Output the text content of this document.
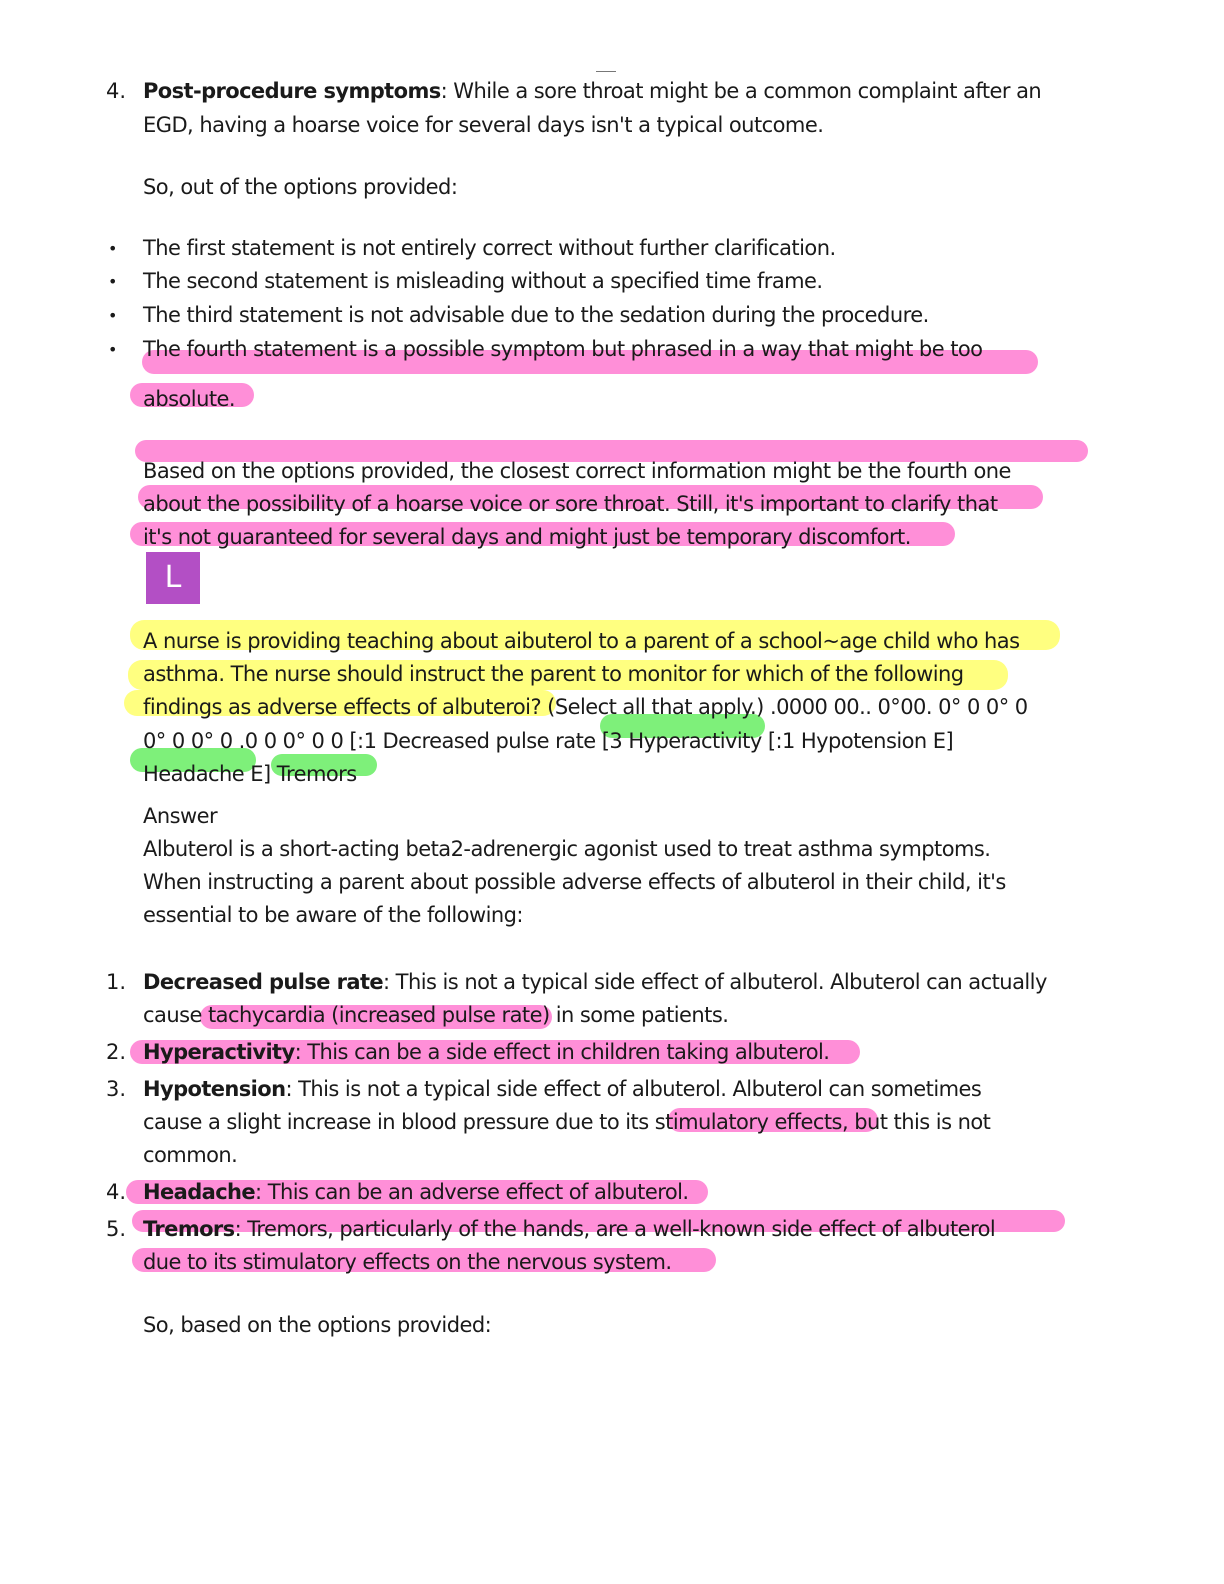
4. Post-procedure symptoms: While a sore throat might be a common complaint after an
EGD, having a hoarse voice for several days isn't a typical outcome.
So, out of the options provided:
• The first statement is not entirely correct without further clarification.
• The second statement is misleading without a specified time frame.
• The third statement is not advisable due to the sedation during the procedure.
• The fourth statement is a possible symptom but phrased in a way that might be too
absolute.
Based on the options provided, the closest correct information might be the fourth one
about the possibility of a hoarse voice or sore throat. Still, it's important to clarify that
it's not guaranteed for several days and might just be temporary discomfort.
L
A nurse is providing teaching about aibuterol to a parent of a school~age child who has
asthma. The nurse should instruct the parent to monitor for which of the following
findings as adverse effects of albuteroi? (Select all that apply.) .0000 00.. 0°00. 0° 0 0° 0
0° 0 0° 0 .0 0 0° 0 0 [:1 Decreased pulse rate [3 Hyperactivity [:1 Hypotension E]
Headache E] Tremors
Answer
Albuterol is a short-acting beta2-adrenergic agonist used to treat asthma symptoms.
When instructing a parent about possible adverse effects of albuterol in their child, it's
essential to be aware of the following:
1. Decreased pulse rate: This is not a typical side effect of albuterol. Albuterol can actually
cause tachycardia (increased pulse rate) in some patients.
2. Hyperactivity: This can be a side effect in children taking albuterol.
3. Hypotension: This is not a typical side effect of albuterol. Albuterol can sometimes
cause a slight increase in blood pressure due to its stimulatory effects, but this is not
common.
4. Headache: This can be an adverse effect of albuterol.
5. Tremors: Tremors, particularly of the hands, are a well-known side effect of albuterol
due to its stimulatory effects on the nervous system.
So, based on the options provided:
